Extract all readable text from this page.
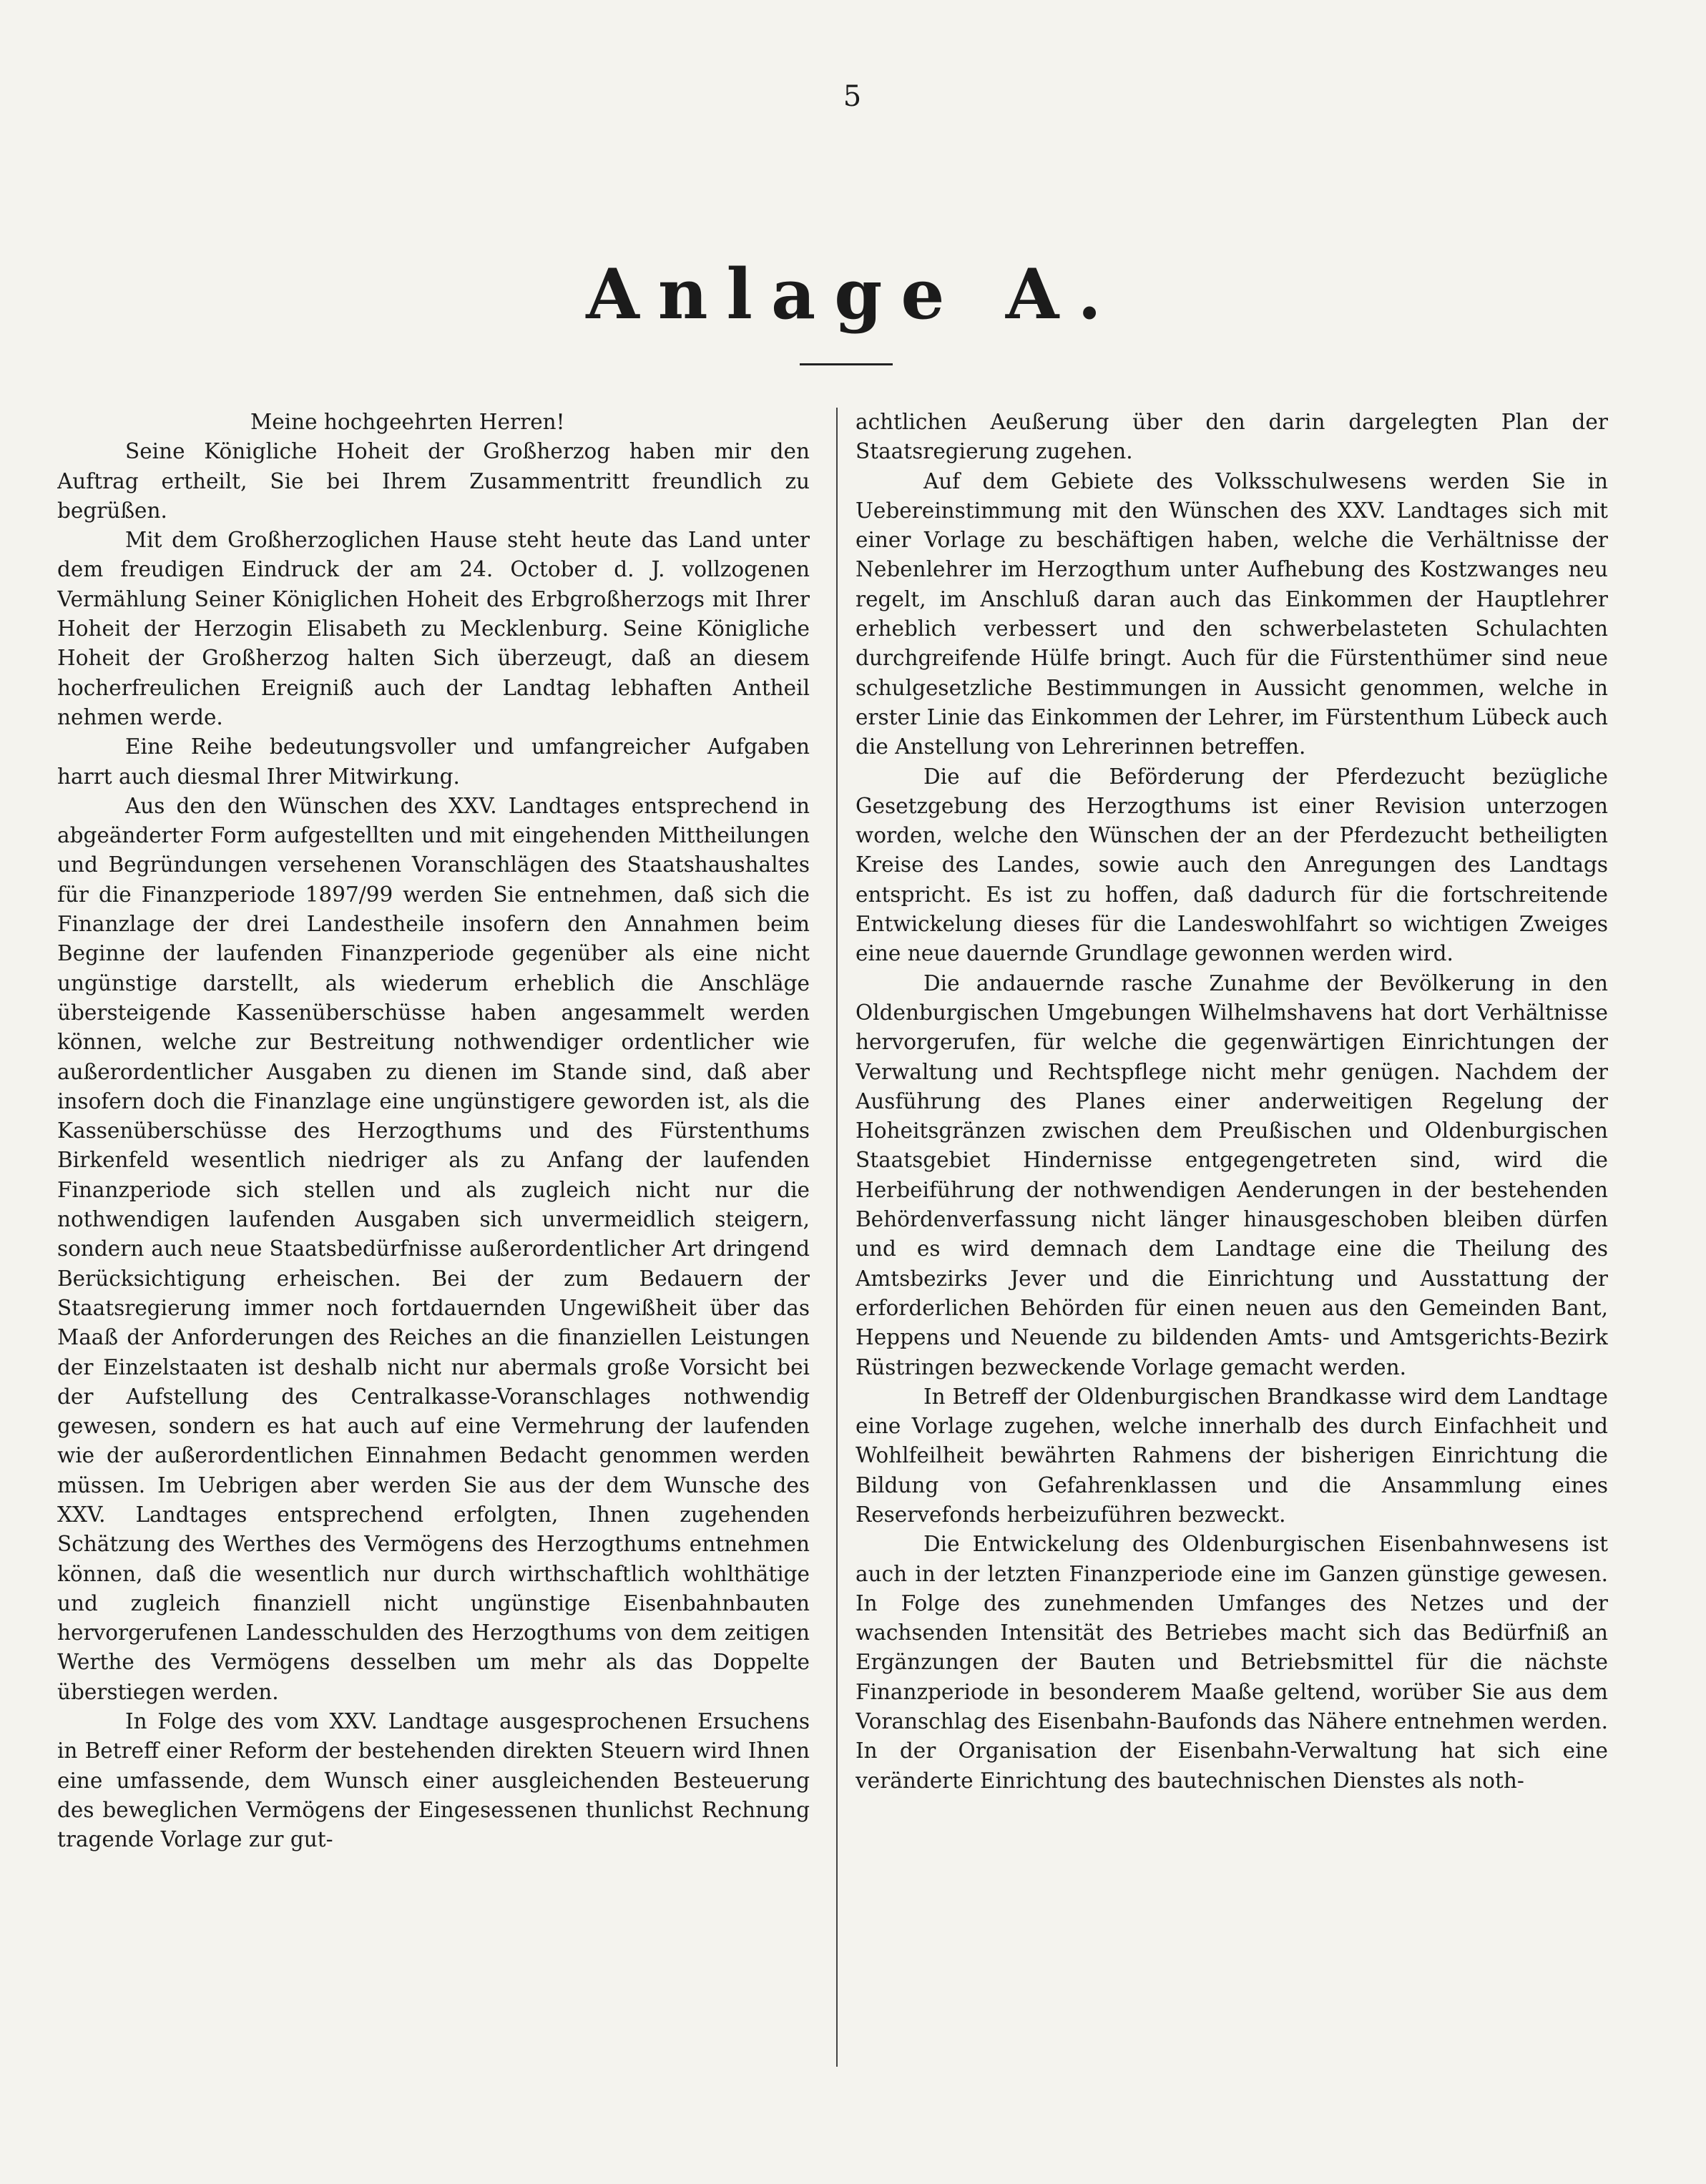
5
Anlage A.

Meine hochgeehrten Herren!

Seine Königliche Hoheit der Großherzog haben mir den Auftrag ertheilt, Sie bei Ihrem Zusammentritt freundlich zu begrüßen.

Mit dem Großherzoglichen Hause steht heute das Land unter dem freudigen Eindruck der am 24. October d. J. vollzogenen Vermählung Seiner Königlichen Hoheit des Erbgroßherzogs mit Ihrer Hoheit der Herzogin Elisabeth zu Mecklenburg. Seine Königliche Hoheit der Großherzog halten Sich überzeugt, daß an diesem hocherfreulichen Ereigniß auch der Landtag lebhaften Antheil nehmen werde.

Eine Reihe bedeutungsvoller und umfangreicher Aufgaben harrt auch diesmal Ihrer Mitwirkung.

Aus den den Wünschen des XXV. Landtages entsprechend in abgeänderter Form aufgestellten und mit eingehenden Mittheilungen und Begründungen versehenen Voranschlägen des Staatshaushaltes für die Finanzperiode 1897/99 werden Sie entnehmen, daß sich die Finanzlage der drei Landestheile insofern den Annahmen beim Beginne der laufenden Finanzperiode gegenüber als eine nicht ungünstige darstellt, als wiederum erheblich die Anschläge übersteigende Kassenüberschüsse haben angesammelt werden können, welche zur Bestreitung nothwendiger ordentlicher wie außerordentlicher Ausgaben zu dienen im Stande sind, daß aber insofern doch die Finanzlage eine ungünstigere geworden ist, als die Kassenüberschüsse des Herzogthums und des Fürstenthums Birkenfeld wesentlich niedriger als zu Anfang der laufenden Finanzperiode sich stellen und als zugleich nicht nur die nothwendigen laufenden Ausgaben sich unvermeidlich steigern, sondern auch neue Staatsbedürfnisse außerordentlicher Art dringend Berücksichtigung erheischen. Bei der zum Bedauern der Staatsregierung immer noch fortdauernden Ungewißheit über das Maaß der Anforderungen des Reiches an die finanziellen Leistungen der Einzelstaaten ist deshalb nicht nur abermals große Vorsicht bei der Aufstellung des Centralkasse-Voranschlages nothwendig gewesen, sondern es hat auch auf eine Vermehrung der laufenden wie der außerordentlichen Einnahmen Bedacht genommen werden müssen. Im Uebrigen aber werden Sie aus der dem Wunsche des XXV. Landtages entsprechend erfolgten, Ihnen zugehenden Schätzung des Werthes des Vermögens des Herzogthums entnehmen können, daß die wesentlich nur durch wirthschaftlich wohlthätige und zugleich finanziell nicht ungünstige Eisenbahnbauten hervorgerufenen Landesschulden des Herzogthums von dem zeitigen Werthe des Vermögens desselben um mehr als das Doppelte überstiegen werden.

In Folge des vom XXV. Landtage ausgesprochenen Ersuchens in Betreff einer Reform der bestehenden direkten Steuern wird Ihnen eine umfassende, dem Wunsch einer ausgleichenden Besteuerung des beweglichen Vermögens der Eingesessenen thunlichst Rechnung tragende Vorlage zur gut-

achtlichen Aeußerung über den darin dargelegten Plan der Staatsregierung zugehen.

Auf dem Gebiete des Volksschulwesens werden Sie in Uebereinstimmung mit den Wünschen des XXV. Landtages sich mit einer Vorlage zu beschäftigen haben, welche die Verhältnisse der Nebenlehrer im Herzogthum unter Aufhebung des Kostzwanges neu regelt, im Anschluß daran auch das Einkommen der Hauptlehrer erheblich verbessert und den schwerbelasteten Schulachten durchgreifende Hülfe bringt. Auch für die Fürstenthümer sind neue schulgesetzliche Bestimmungen in Aussicht genommen, welche in erster Linie das Einkommen der Lehrer, im Fürstenthum Lübeck auch die Anstellung von Lehrerinnen betreffen.

Die auf die Beförderung der Pferdezucht bezügliche Gesetzgebung des Herzogthums ist einer Revision unterzogen worden, welche den Wünschen der an der Pferdezucht betheiligten Kreise des Landes, sowie auch den Anregungen des Landtags entspricht. Es ist zu hoffen, daß dadurch für die fortschreitende Entwickelung dieses für die Landeswohlfahrt so wichtigen Zweiges eine neue dauernde Grundlage gewonnen werden wird.

Die andauernde rasche Zunahme der Bevölkerung in den Oldenburgischen Umgebungen Wilhelmshavens hat dort Verhältnisse hervorgerufen, für welche die gegenwärtigen Einrichtungen der Verwaltung und Rechtspflege nicht mehr genügen. Nachdem der Ausführung des Planes einer anderweitigen Regelung der Hoheitsgränzen zwischen dem Preußischen und Oldenburgischen Staatsgebiet Hindernisse entgegengetreten sind, wird die Herbeiführung der nothwendigen Aenderungen in der bestehenden Behördenverfassung nicht länger hinausgeschoben bleiben dürfen und es wird demnach dem Landtage eine die Theilung des Amtsbezirks Jever und die Einrichtung und Ausstattung der erforderlichen Behörden für einen neuen aus den Gemeinden Bant, Heppens und Neuende zu bildenden Amts- und Amtsgerichts-Bezirk Rüstringen bezweckende Vorlage gemacht werden.

In Betreff der Oldenburgischen Brandkasse wird dem Landtage eine Vorlage zugehen, welche innerhalb des durch Einfachheit und Wohlfeilheit bewährten Rahmens der bisherigen Einrichtung die Bildung von Gefahrenklassen und die Ansammlung eines Reservefonds herbeizuführen bezweckt.

Die Entwickelung des Oldenburgischen Eisenbahnwesens ist auch in der letzten Finanzperiode eine im Ganzen günstige gewesen. In Folge des zunehmenden Umfanges des Netzes und der wachsenden Intensität des Betriebes macht sich das Bedürfniß an Ergänzungen der Bauten und Betriebsmittel für die nächste Finanzperiode in besonderem Maaße geltend, worüber Sie aus dem Voranschlag des Eisenbahn-Baufonds das Nähere entnehmen werden. In der Organisation der Eisenbahn-Verwaltung hat sich eine veränderte Einrichtung des bautechnischen Dienstes als noth-
